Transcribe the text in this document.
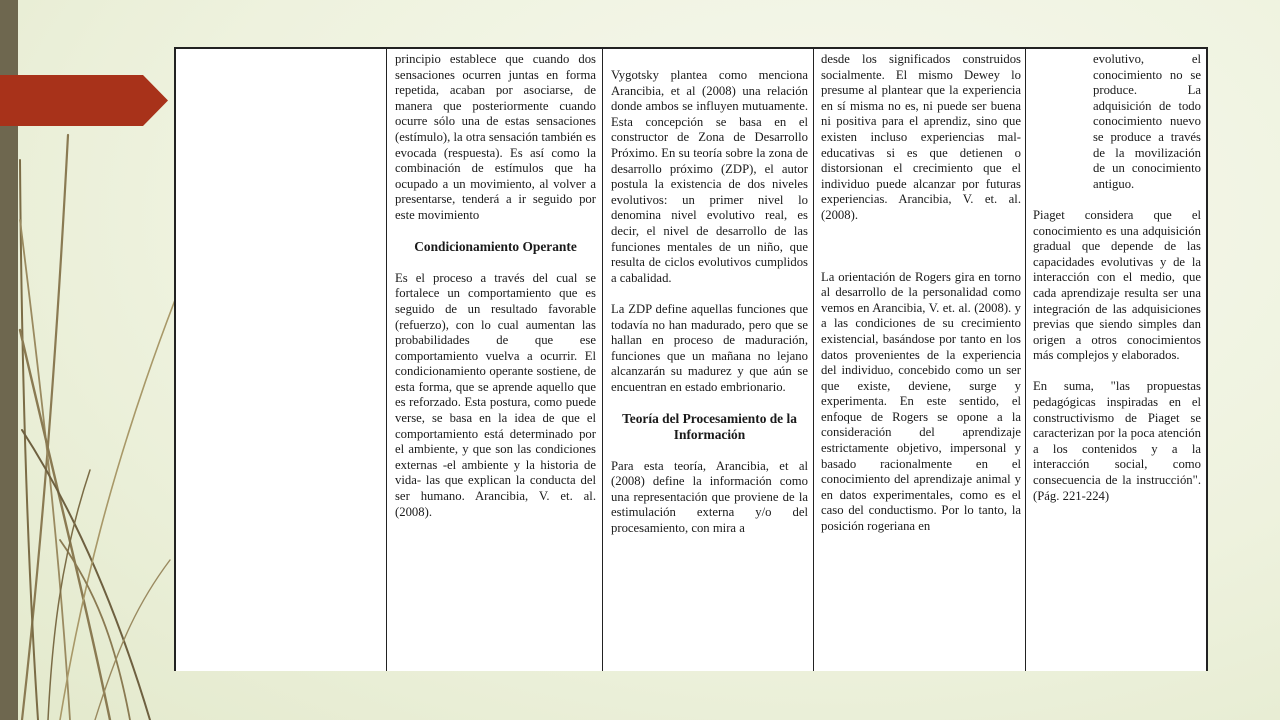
principio establece que cuando dos sensaciones ocurren juntas en forma repetida, acaban por asociarse, de manera que posteriormente cuando ocurre sólo una de estas sensaciones (estímulo), la otra sensación también es evocada (respuesta). Es así como la combinación de estímulos que ha ocupado a un movimiento, al volver a presentarse, tenderá a ir seguido por este movimiento

Condicionamiento Operante

Es el proceso a través del cual se fortalece un comportamiento que es seguido de un resultado favorable (refuerzo), con lo cual aumentan las probabilidades de que ese comportamiento vuelva a ocurrir. El condicionamiento operante sostiene, de esta forma, que se aprende aquello que es reforzado. Esta postura, como puede verse, se basa en la idea de que el comportamiento está determinado por el ambiente, y que son las condiciones externas -el ambiente y la historia de vida- las que explican la conducta del ser humano. Arancibia, V. et. al. (2008).

Vygotsky plantea como menciona Arancibia, et al (2008) una relación donde ambos se influyen mutuamente. Esta concepción se basa en el constructor de Zona de Desarrollo Próximo. En su teoría sobre la zona de desarrollo próximo (ZDP), el autor postula la existencia de dos niveles evolutivos: un primer nivel lo denomina nivel evolutivo real, es decir, el nivel de desarrollo de las funciones mentales de un niño, que resulta de ciclos evolutivos cumplidos a cabalidad.

La ZDP define aquellas funciones que todavía no han madurado, pero que se hallan en proceso de maduración, funciones que un mañana no lejano alcanzarán su madurez y que aún se encuentran en estado embrionario.

Teoría del Procesamiento de la Información

Para esta teoría, Arancibia, et al (2008) define la información como una representación que proviene de la estimulación externa y/o del procesamiento, con mira a

desde los significados construidos socialmente. El mismo Dewey lo presume al plantear que la experiencia en sí misma no es, ni puede ser buena ni positiva para el aprendiz, sino que existen incluso experiencias mal-educativas si es que detienen o distorsionan el crecimiento que el individuo puede alcanzar por futuras experiencias. Arancibia, V. et. al. (2008).

La orientación de Rogers gira en torno al desarrollo de la personalidad como vemos en Arancibia, V. et. al. (2008). y a las condiciones de su crecimiento existencial, basándose por tanto en los datos provenientes de la experiencia del individuo, concebido como un ser que existe, deviene, surge y experimenta. En este sentido, el enfoque de Rogers se opone a la consideración del aprendizaje estrictamente objetivo, impersonal y basado racionalmente en el conocimiento del aprendizaje animal y en datos experimentales, como es el caso del conductismo. Por lo tanto, la posición rogeriana en

evolutivo, el conocimiento no se produce. La adquisición de todo conocimiento nuevo se produce a través de la movilización de un conocimiento antiguo.

Piaget considera que el conocimiento es una adquisición gradual que depende de las capacidades evolutivas y de la interacción con el medio, que cada aprendizaje resulta ser una integración de las adquisiciones previas que siendo simples dan origen a otros conocimientos más complejos y elaborados.

En suma, "las propuestas pedagógicas inspiradas en el constructivismo de Piaget se caracterizan por la poca atención a los contenidos y a la interacción social, como consecuencia de la instrucción". (Pág. 221-224)
